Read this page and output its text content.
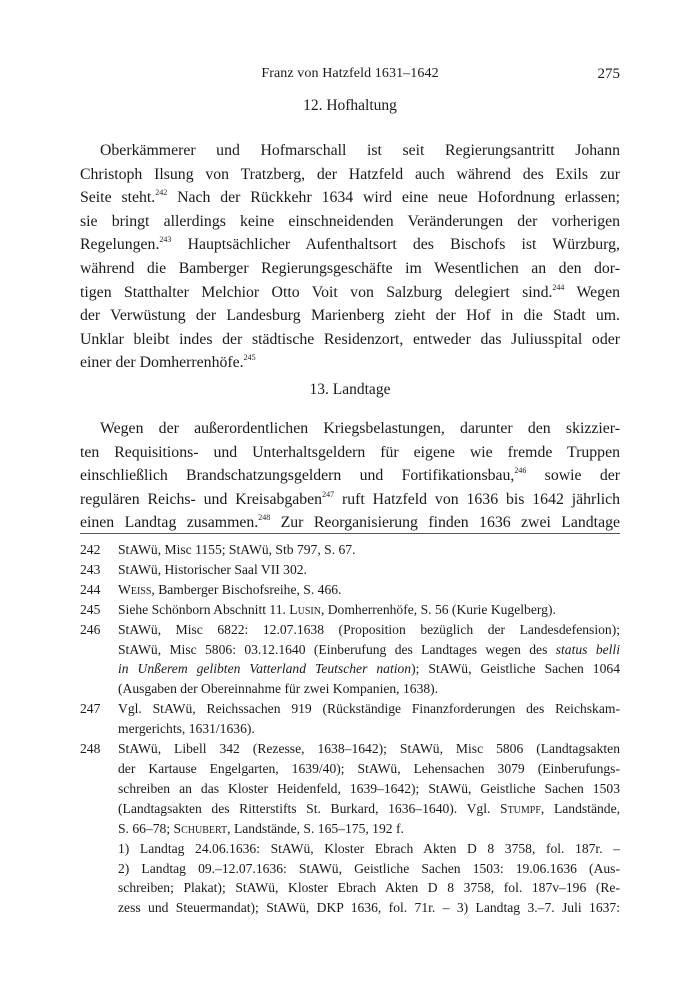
Franz von Hatzfeld 1631–1642	275
12. Hofhaltung

Oberkämmerer und Hofmarschall ist seit Regierungsantritt Johann
Christoph Ilsung von Tratzberg, der Hatzfeld auch während des Exils zur
Seite steht.$^{242}$ Nach der Rückkehr 1634 wird eine neue Hofordnung erlassen;
sie bringt allerdings keine einschneidenden Veränderungen der vorherigen
Regelungen.$^{243}$ Hauptsächlicher Aufenthaltsort des Bischofs ist Würzburg,
während die Bamberger Regierungsgeschäfte im Wesentlichen an den dor-
tigen Statthalter Melchior Otto Voit von Salzburg delegiert sind.$^{244}$ Wegen
der Verwüstung der Landesburg Marienberg zieht der Hof in die Stadt um.
Unklar bleibt indes der städtische Residenzort, entweder das Juliusspital oder
einer der Domherrenhöfe.$^{245}$

13. Landtage

Wegen der außerordentlichen Kriegsbelastungen, darunter den skizzier-
ten Requisitions- und Unterhaltsgeldern für eigene wie fremde Truppen
einschließlich Brandschatzungsgeldern und Fortifikationsbau,$^{246}$ sowie der
regulären Reichs- und Kreisabgaben$^{247}$ ruft Hatzfeld von 1636 bis 1642 jährlich
einen Landtag zusammen.$^{248}$ Zur Reorganisierung finden 1636 zwei Landtage

242 StAWü, Misc 1155; StAWü, Stb 797, S. 67.
243 StAWü, Historischer Saal VII 302.
244 Weiss, Bamberger Bischofsreihe, S. 466.
245 Siehe Schönborn Abschnitt 11. Lusin, Domherrenhöfe, S. 56 (Kurie Kugelberg).
246 StAWü, Misc 6822: 12.07.1638 (Proposition bezüglich der Landesdefension);
StAWü, Misc 5806: 03.12.1640 (Einberufung des Landtages wegen des status belli
in Unßerem gelibten Vatterland Teutscher nation); StAWü, Geistliche Sachen 1064
(Ausgaben der Obereinnahme für zwei Kompanien, 1638).
247 Vgl. StAWü, Reichssachen 919 (Rückständige Finanzforderungen des Reichskam-
mergerichts, 1631/1636).
248 StAWü, Libell 342 (Rezesse, 1638–1642); StAWü, Misc 5806 (Landtagsakten
der Kartause Engelgarten, 1639/40); StAWü, Lehensachen 3079 (Einberufungs-
schreiben an das Kloster Heidenfeld, 1639–1642); StAWü, Geistliche Sachen 1503
(Landtagsakten des Ritterstifts St. Burkard, 1636–1640). Vgl. Stumpf, Landstände,
S. 66–78; Schubert, Landstände, S. 165–175, 192 f.
1) Landtag 24.06.1636: StAWü, Kloster Ebrach Akten D 8 3758, fol. 187r. –
2) Landtag 09.–12.07.1636: StAWü, Geistliche Sachen 1503: 19.06.1636 (Aus-
schreiben; Plakat); StAWü, Kloster Ebrach Akten D 8 3758, fol. 187v–196 (Re-
zess und Steuermandat); StAWü, DKP 1636, fol. 71r. – 3) Landtag 3.–7. Juli 1637:
